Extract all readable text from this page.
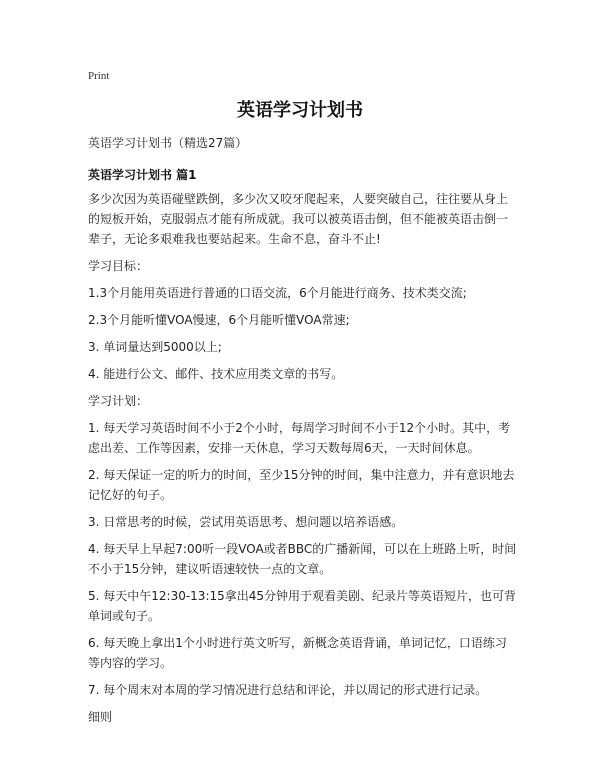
Print
英语学习计划书
英语学习计划书（精选27篇）
英语学习计划书 篇1
多少次因为英语碰壁跌倒，多少次又咬牙爬起来，人要突破自己，往往要从身上的短板开始，克服弱点才能有所成就。我可以被英语击倒，但不能被英语击倒一辈子，无论多艰难我也要站起来。生命不息，奋斗不止!
学习目标：
1.3个月能用英语进行普通的口语交流，6个月能进行商务、技术类交流;
2.3个月能听懂VOA慢速，6个月能听懂VOA常速;
3. 单词量达到5000以上;
4. 能进行公文、邮件、技术应用类文章的书写。
学习计划：
1. 每天学习英语时间不小于2个小时，每周学习时间不小于12个小时。其中，考虑出差、工作等因素，安排一天休息，学习天数每周6天，一天时间休息。
2. 每天保证一定的听力的时间，至少15分钟的时间，集中注意力，并有意识地去记忆好的句子。
3. 日常思考的时候，尝试用英语思考、想问题以培养语感。
4. 每天早上早起7:00听一段VOA或者BBC的广播新闻，可以在上班路上听，时间不小于15分钟，建议听语速较快一点的文章。
5. 每天中午12:30-13:15拿出45分钟用于观看美剧、纪录片等英语短片，也可背单词或句子。
6. 每天晚上拿出1个小时进行英文听写，新概念英语背诵，单词记忆，口语练习等内容的学习。
7. 每个周末对本周的学习情况进行总结和评论，并以周记的形式进行记录。
细则
